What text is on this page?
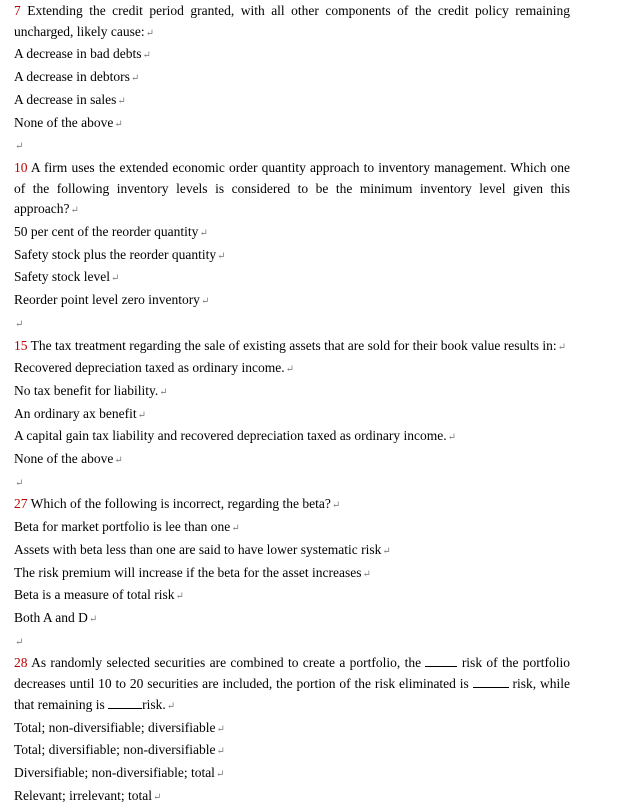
7 Extending the credit period granted, with all other components of the credit policy remaining uncharged, likely cause:↵
A decrease in bad debts↵
A decrease in debtors↵
A decrease in sales↵
None of the above↵
↵
10 A firm uses the extended economic order quantity approach to inventory management. Which one of the following inventory levels is considered to be the minimum inventory level given this approach?↵
50 per cent of the reorder quantity↵
Safety stock plus the reorder quantity↵
Safety stock level↵
Reorder point level zero inventory↵
↵
15 The tax treatment regarding the sale of existing assets that are sold for their book value results in:↵
Recovered depreciation taxed as ordinary income.↵
No tax benefit for liability.↵
An ordinary ax benefit↵
A capital gain tax liability and recovered depreciation taxed as ordinary income.↵
None of the above↵
↵
27 Which of the following is incorrect, regarding the beta?↵
Beta for market portfolio is lee than one↵
Assets with beta less than one are said to have lower systematic risk↵
The risk premium will increase if the beta for the asset increases↵
Beta is a measure of total risk↵
Both A and D↵
↵
28 As randomly selected securities are combined to create a portfolio, the	risk of the portfolio decreases until 10 to 20 securities are included, the portion of the risk eliminated is	risk, while that remaining is	risk.↵
Total; non-diversifiable; diversifiable↵
Total; diversifiable; non-diversifiable↵
Diversifiable; non-diversifiable; total↵
Relevant; irrelevant; total↵
